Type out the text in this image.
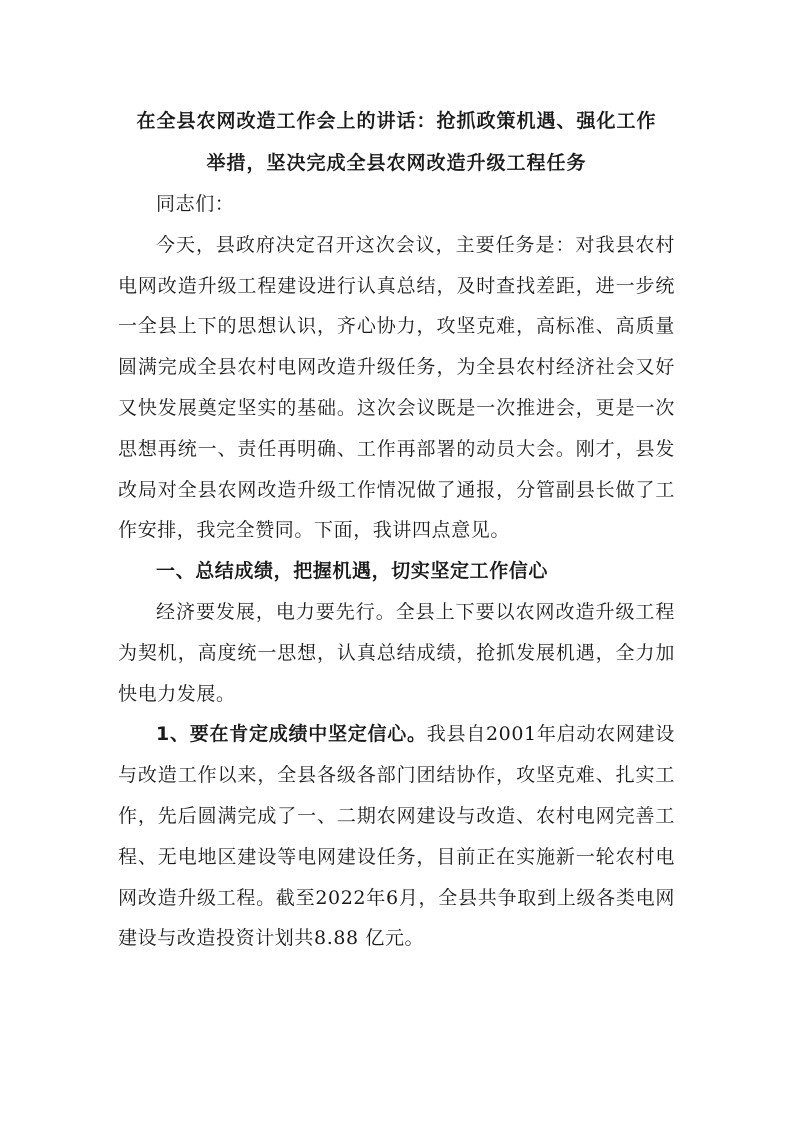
在全县农网改造工作会上的讲话：抢抓政策机遇、强化工作
举措，坚决完成全县农网改造升级工程任务

同志们：

今天，县政府决定召开这次会议，主要任务是：对我县农村电网改造升级工程建设进行认真总结，及时查找差距，进一步统一全县上下的思想认识，齐心协力，攻坚克难，高标准、高质量圆满完成全县农村电网改造升级任务，为全县农村经济社会又好又快发展奠定坚实的基础。这次会议既是一次推进会，更是一次思想再统一、责任再明确、工作再部署的动员大会。刚才，县发改局对全县农网改造升级工作情况做了通报，分管副县长做了工作安排，我完全赞同。下面，我讲四点意见。

一、总结成绩，把握机遇，切实坚定工作信心

经济要发展，电力要先行。全县上下要以农网改造升级工程为契机，高度统一思想，认真总结成绩，抢抓发展机遇，全力加快电力发展。

1、要在肯定成绩中坚定信心。我县自2001年启动农网建设与改造工作以来，全县各级各部门团结协作，攻坚克难、扎实工作，先后圆满完成了一、二期农网建设与改造、农村电网完善工程、无电地区建设等电网建设任务，目前正在实施新一轮农村电网改造升级工程。截至2022年6月，全县共争取到上级各类电网建设与改造投资计划共8.88 亿元。
